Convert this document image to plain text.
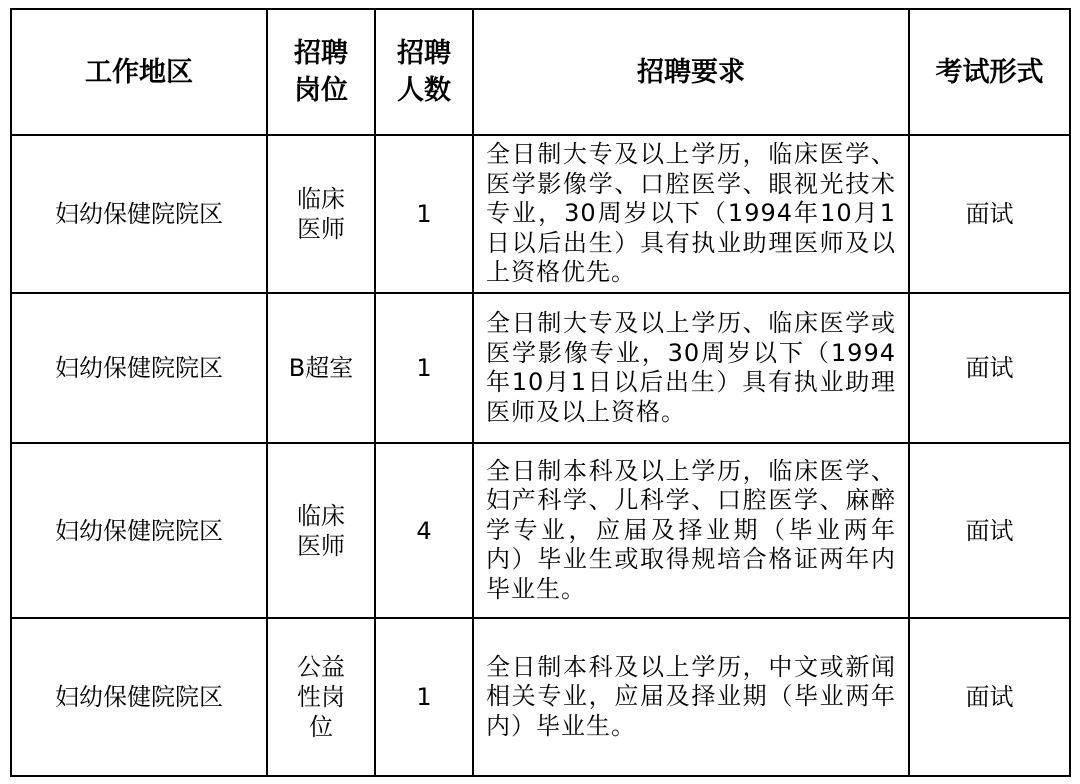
工作地区	招聘岗位	招聘人数	招聘要求	考试形式
妇幼保健院院区	临床医师	1	全日制大专及以上学历，临床医学、医学影像学、口腔医学、眼视光技术专业，30周岁以下（1994年10月1日以后出生）具有执业助理医师及以上资格优先。	面试
妇幼保健院院区	B超室	1	全日制大专及以上学历、临床医学或医学影像专业，30周岁以下（1994年10月1日以后出生）具有执业助理医师及以上资格。	面试
妇幼保健院院区	临床医师	4	全日制本科及以上学历，临床医学、妇产科学、儿科学、口腔医学、麻醉学专业，应届及择业期（毕业两年内）毕业生或取得规培合格证两年内毕业生。	面试
妇幼保健院院区	公益性岗位	1	全日制本科及以上学历，中文或新闻相关专业，应届及择业期（毕业两年内）毕业生。	面试
